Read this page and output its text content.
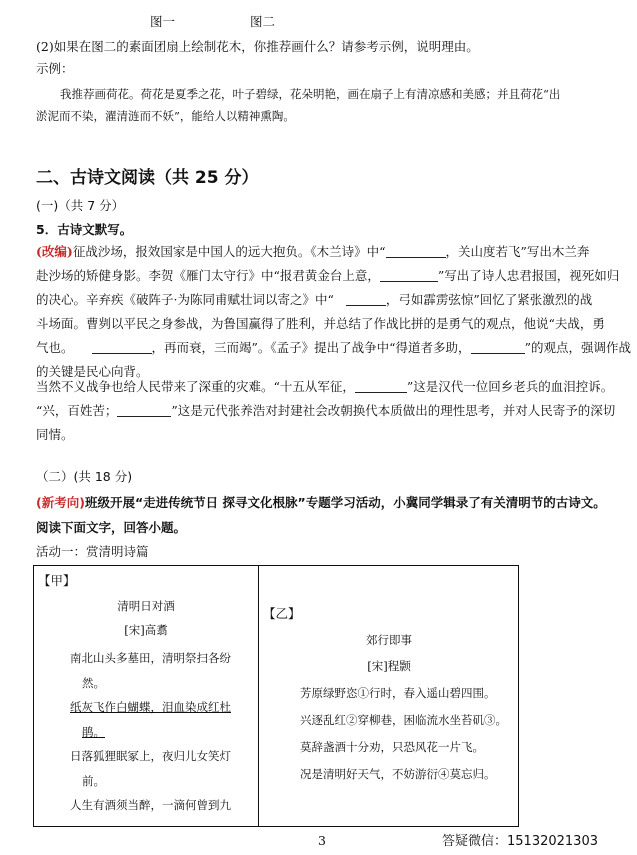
图一	图二
(2)如果在图二的素面团扇上绘制花木，你推荐画什么？请参考示例，说明理由。
示例：
我推荐画荷花。荷花是夏季之花，叶子碧绿，花朵明艳，画在扇子上有清凉感和美感；并且荷花“出
淤泥而不染，濯清涟而不妖”，能给人以精神熏陶。
二、古诗文阅读（共 25 分）
(一)（共 7 分）
5．古诗文默写。
(改编)征战沙场，报效国家是中国人的远大抱负。《木兰诗》中“	，关山度若飞”写出木兰奔
赴沙场的矫健身影。李贺《雁门太守行》中“报君黄金台上意，	”写出了诗人忠君报国，视死如归
的决心。辛弃疾《破阵子·为陈同甫赋壮词以寄之》中“	，弓如霹雳弦惊”回忆了紧张激烈的战
斗场面。曹刿以平民之身参战，为鲁国赢得了胜利，并总结了作战比拼的是勇气的观点，他说“夫战，勇
气也。	，再而衰，三而竭”。《孟子》提出了战争中“得道者多助，	”的观点，强调作战
的关键是民心向背。
当然不义战争也给人民带来了深重的灾难。“十五从军征，	”这是汉代一位回乡老兵的血泪控诉。
“兴，百姓苦；	”这是元代张养浩对封建社会改朝换代本质做出的理性思考，并对人民寄予的深切
同情。
（二）(共 18 分)
(新考向)班级开展“走进传统节日 探寻文化根脉”专题学习活动，小冀同学辑录了有关清明节的古诗文。
阅读下面文字，回答小题。
活动一：赏清明诗篇
【甲】
清明日对酒
[宋]高翥
南北山头多墓田，清明祭扫各纷
然。
纸灰飞作白蝴蝶，泪血染成红杜
鹃。
日落狐狸眠冢上，夜归儿女笑灯
前。
人生有酒须当醉，一滴何曾到九
【乙】
郊行即事
[宋]程颢
芳原绿野恣①行时，春入遥山碧四围。
兴逐乱红②穿柳巷，困临流水坐苔矶③。
莫辞盏酒十分劝，只恐风花一片飞。
况是清明好天气，不妨游衍④莫忘归。
3	答疑微信：15132021303
